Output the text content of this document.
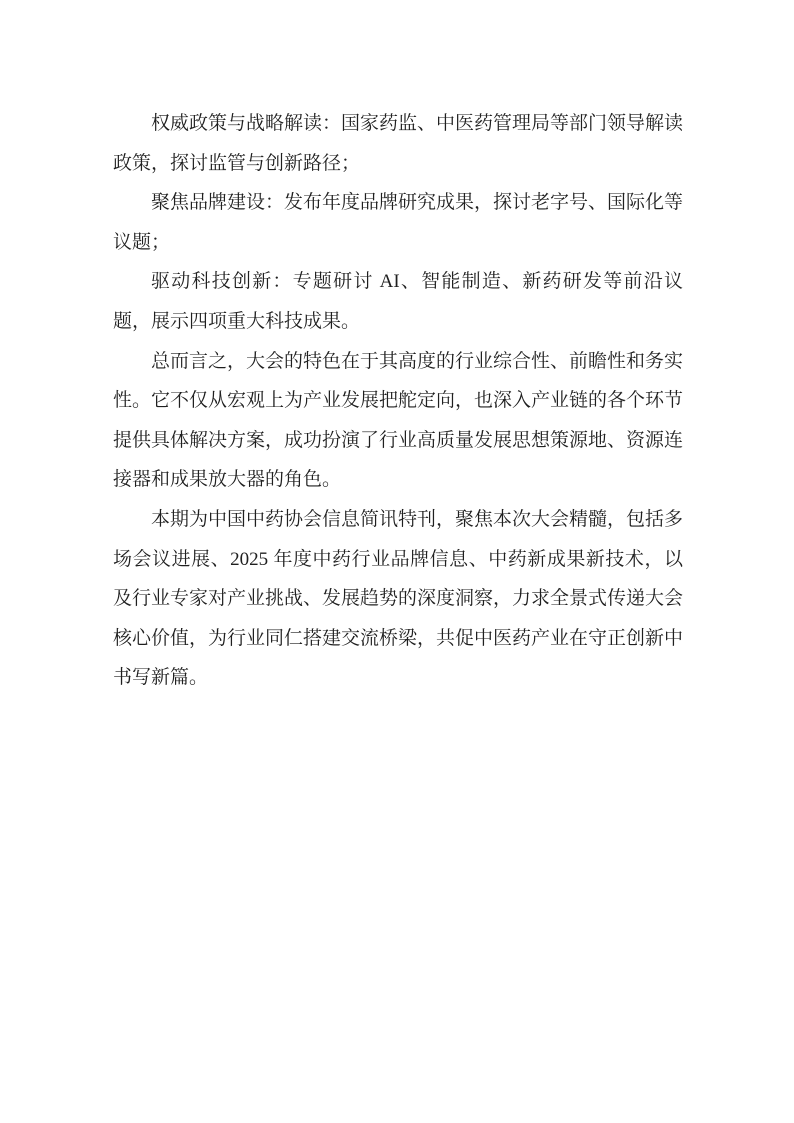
权威政策与战略解读：国家药监、中医药管理局等部门领导解读政策，探讨监管与创新路径；

聚焦品牌建设：发布年度品牌研究成果，探讨老字号、国际化等议题；

驱动科技创新：专题研讨 AI、智能制造、新药研发等前沿议题，展示四项重大科技成果。

总而言之，大会的特色在于其高度的行业综合性、前瞻性和务实性。它不仅从宏观上为产业发展把舵定向，也深入产业链的各个环节提供具体解决方案，成功扮演了行业高质量发展思想策源地、资源连接器和成果放大器的角色。

本期为中国中药协会信息简讯特刊，聚焦本次大会精髓，包括多场会议进展、2025 年度中药行业品牌信息、中药新成果新技术，以及行业专家对产业挑战、发展趋势的深度洞察，力求全景式传递大会核心价值，为行业同仁搭建交流桥梁，共促中医药产业在守正创新中书写新篇。
